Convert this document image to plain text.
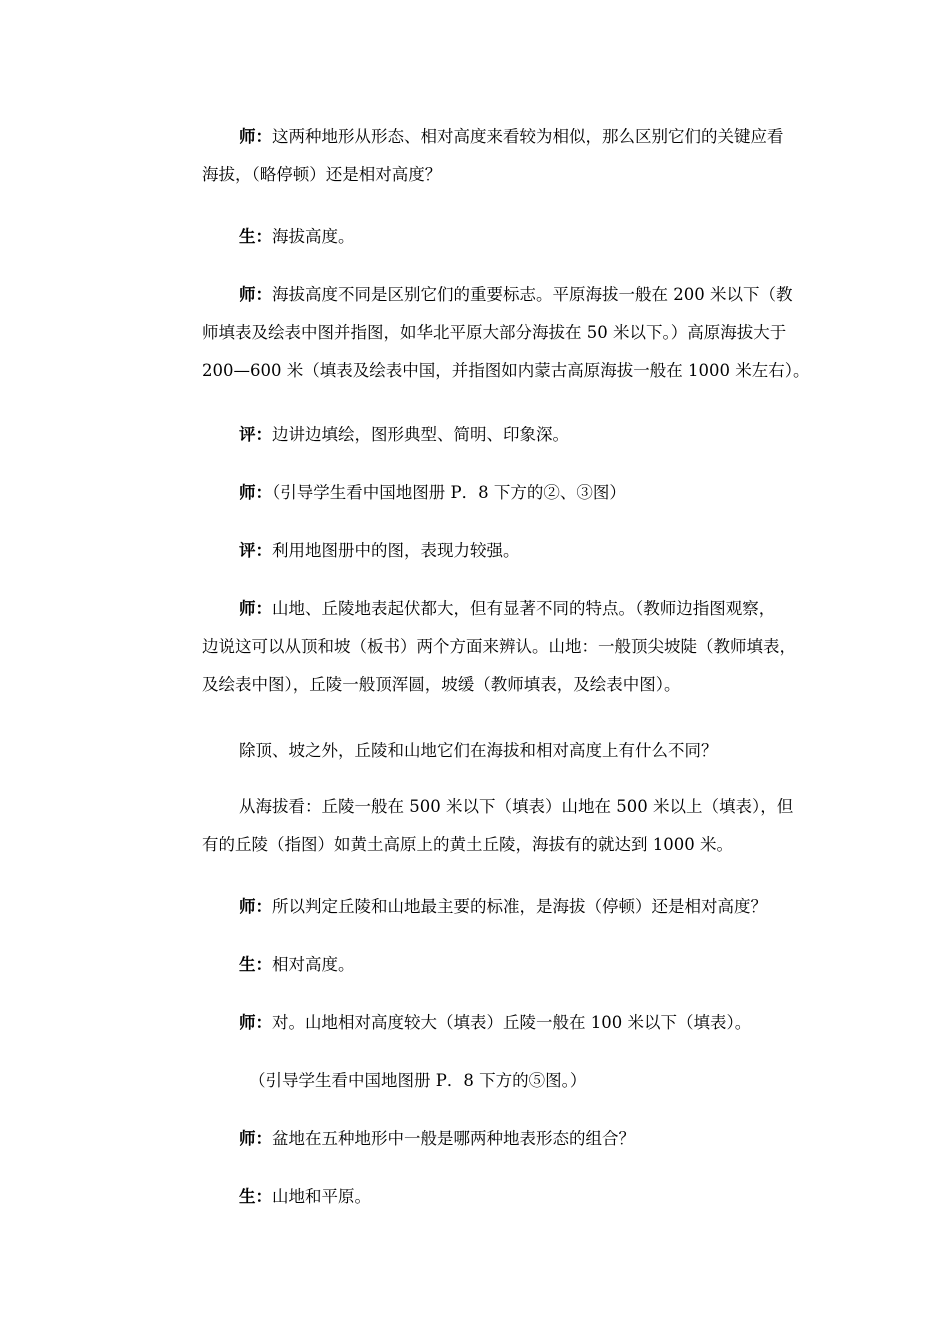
师：这两种地形从形态、相对高度来看较为相似，那么区别它们的关键应看
海拔，（略停顿）还是相对高度？
生：海拔高度。
师：海拔高度不同是区别它们的重要标志。平原海拔一般在 200 米以下（教
师填表及绘表中图并指图，如华北平原大部分海拔在 50 米以下。）高原海拔大于
200—600 米（填表及绘表中国，并指图如内蒙古高原海拔一般在 1000 米左右）。
评：边讲边填绘，图形典型、简明、印象深。
师：（引导学生看中国地图册 P．8 下方的②、③图）
评：利用地图册中的图，表现力较强。
师：山地、丘陵地表起伏都大，但有显著不同的特点。（教师边指图观察，
边说这可以从顶和坡（板书）两个方面来辨认。山地：一般顶尖坡陡（教师填表，
及绘表中图），丘陵一般顶浑圆，坡缓（教师填表，及绘表中图）。
除顶、坡之外，丘陵和山地它们在海拔和相对高度上有什么不同？
从海拔看：丘陵一般在 500 米以下（填表）山地在 500 米以上（填表），但
有的丘陵（指图）如黄土高原上的黄土丘陵，海拔有的就达到 1000 米。
师：所以判定丘陵和山地最主要的标准，是海拔（停顿）还是相对高度？
生：相对高度。
师：对。山地相对高度较大（填表）丘陵一般在 100 米以下（填表）。
（引导学生看中国地图册 P．8 下方的⑤图。）
师：盆地在五种地形中一般是哪两种地表形态的组合？
生：山地和平原。
